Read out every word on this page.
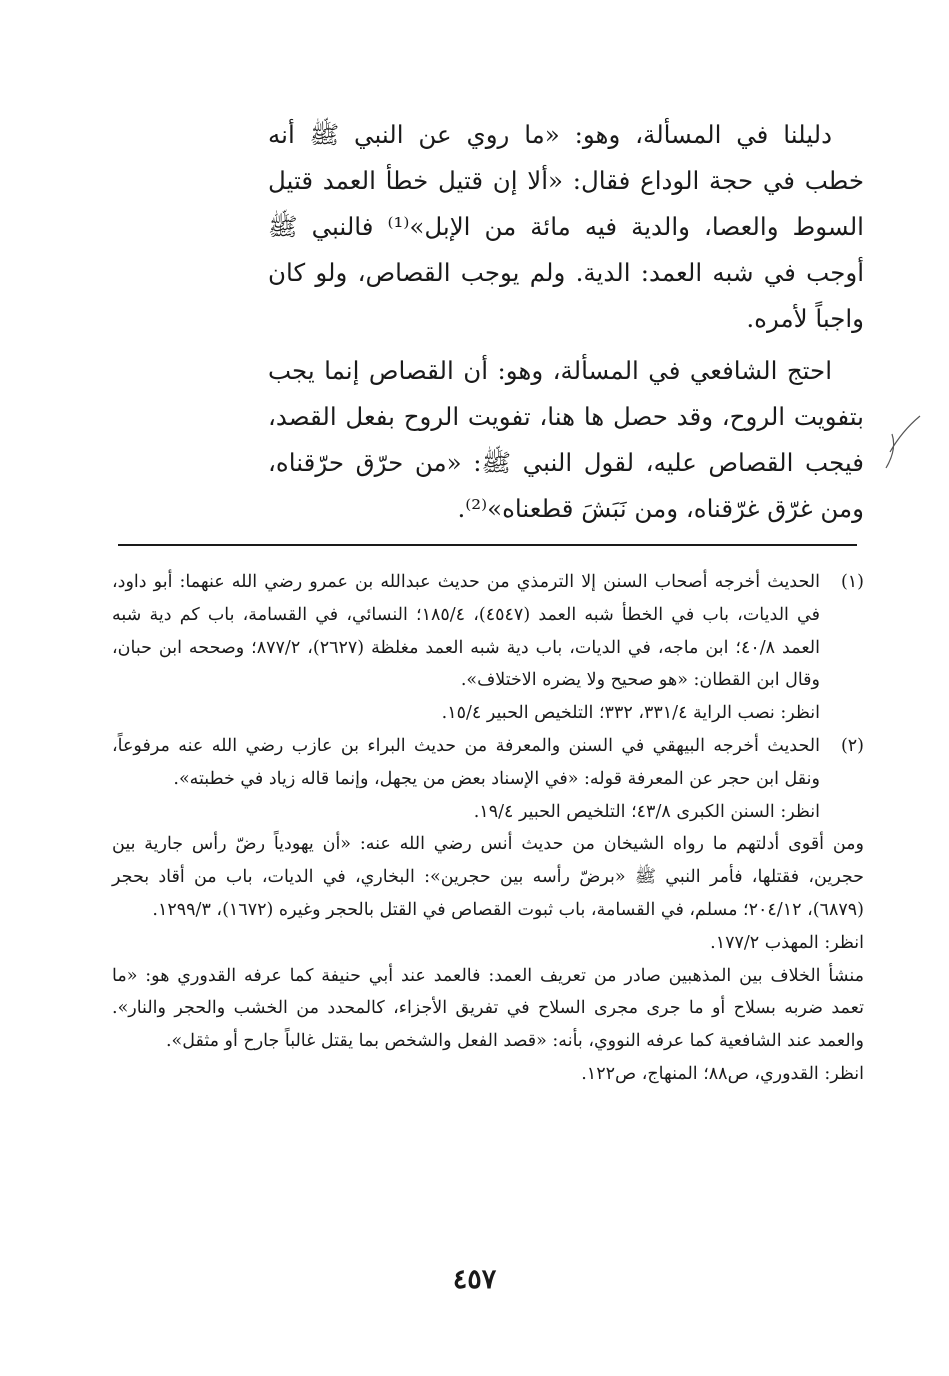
دليلنا في المسألة، وهو: «ما روي عن النبي ﷺ أنه خطب في حجة الوداع فقال: «ألا إن قتيل خطأ العمد قتيل السوط والعصا، والدية فيه مائة من الإبل»⁽¹⁾ فالنبي ﷺ أوجب في شبه العمد: الدية. ولم يوجب القصاص، ولو كان واجباً لأمره.

احتج الشافعي في المسألة، وهو: أن القصاص إنما يجب بتفويت الروح، وقد حصل ها هنا، تفويت الروح بفعل القصد، فيجب القصاص عليه، لقول النبي ﷺ: «من حرّق حرّقناه، ومن غرّق غرّقناه، ومن نَبَشَ قطعناه»⁽²⁾.

(١)

الحديث أخرجه أصحاب السنن إلا الترمذي من حديث عبدالله بن عمرو رضي الله عنهما: أبو داود، في الديات، باب في الخطأ شبه العمد (٤٥٤٧)، ١٨٥/٤؛ النسائي، في القسامة، باب كم دية شبه العمد ٤٠/٨؛ ابن ماجه، في الديات، باب دية شبه العمد مغلظة (٢٦٢٧)، ٨٧٧/٢؛ وصححه ابن حبان، وقال ابن القطان: «هو صحيح ولا يضره الاختلاف».

انظر: نصب الراية ٣٣١/٤، ٣٣٢؛ التلخيص الحبير ١٥/٤.

(٢)

الحديث أخرجه البيهقي في السنن والمعرفة من حديث البراء بن عازب رضي الله عنه مرفوعاً، ونقل ابن حجر عن المعرفة قوله: «في الإسناد بعض من يجهل، وإنما قاله زياد في خطبته».

انظر: السنن الكبرى ٤٣/٨؛ التلخيص الحبير ١٩/٤.

ومن أقوى أدلتهم ما رواه الشيخان من حديث أنس رضي الله عنه: «أن يهودياً رضّ رأس جارية بين حجرين، فقتلها، فأمر النبي ﷺ «برضّ رأسه بين حجرين»: البخاري، في الديات، باب من أقاد بحجر (٦٨٧٩)، ٢٠٤/١٢؛ مسلم، في القسامة، باب ثبوت القصاص في القتل بالحجر وغيره (١٦٧٢)، ١٢٩٩/٣.

انظر: المهذب ١٧٧/٢.

منشأ الخلاف بين المذهبين صادر من تعريف العمد: فالعمد عند أبي حنيفة كما عرفه القدوري هو: «ما تعمد ضربه بسلاح أو ما جرى مجرى السلاح في تفريق الأجزاء، كالمحدد من الخشب والحجر والنار». والعمد عند الشافعية كما عرفه النووي، بأنه: «قصد الفعل والشخص بما يقتل غالباً جارح أو مثقل».

انظر: القدوري، ص٨٨؛ المنهاج، ص١٢٢.

٤٥٧
